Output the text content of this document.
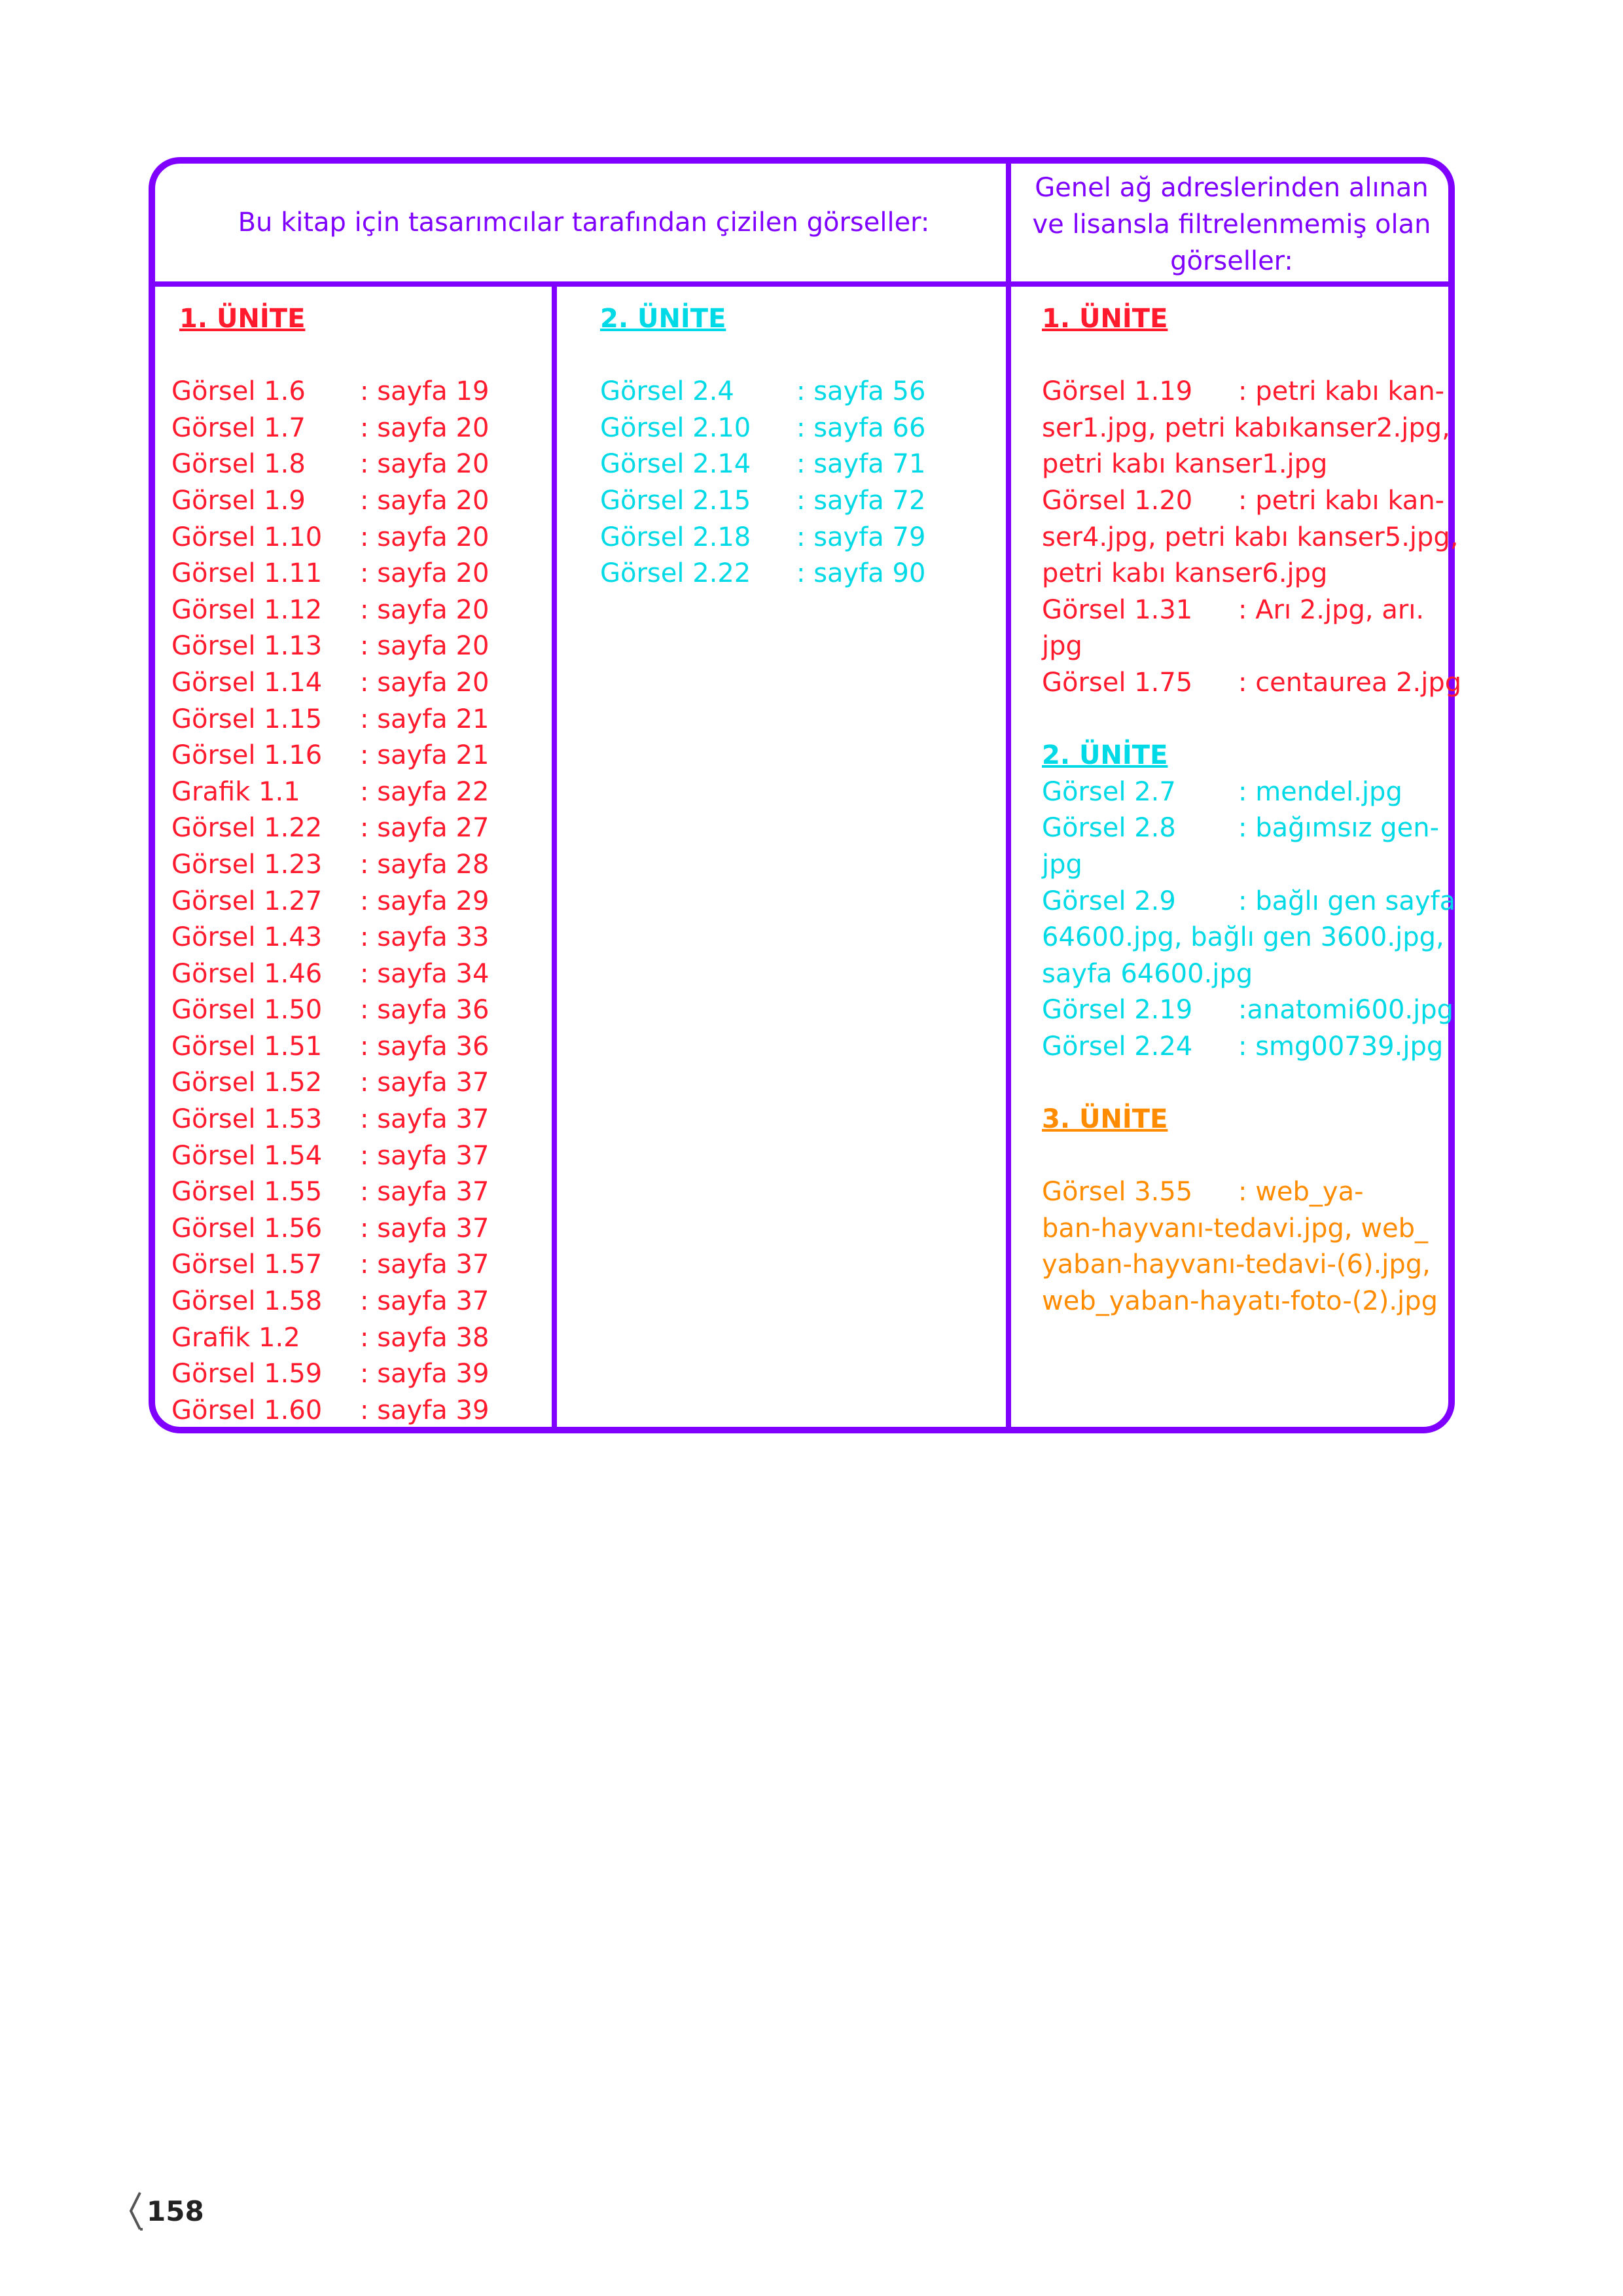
Bu kitap için tasarımcılar tarafından çizilen görseller:
Genel ağ adreslerinden alınan
ve lisansla filtrelenmemiş olan
görseller:
1. ÜNİTE
Görsel 1.6	: sayfa 19
Görsel 1.7	: sayfa 20
Görsel 1.8	: sayfa 20
Görsel 1.9	: sayfa 20
Görsel 1.10	: sayfa 20
Görsel 1.11	: sayfa 20
Görsel 1.12	: sayfa 20
Görsel 1.13	: sayfa 20
Görsel 1.14	: sayfa 20
Görsel 1.15	: sayfa 21
Görsel 1.16	: sayfa 21
Grafik 1.1	: sayfa 22
Görsel 1.22	: sayfa 27
Görsel 1.23	: sayfa 28
Görsel 1.27	: sayfa 29
Görsel 1.43	: sayfa 33
Görsel 1.46	: sayfa 34
Görsel 1.50	: sayfa 36
Görsel 1.51	: sayfa 36
Görsel 1.52	: sayfa 37
Görsel 1.53	: sayfa 37
Görsel 1.54	: sayfa 37
Görsel 1.55	: sayfa 37
Görsel 1.56	: sayfa 37
Görsel 1.57	: sayfa 37
Görsel 1.58	: sayfa 37
Grafik 1.2	: sayfa 38
Görsel 1.59	: sayfa 39
Görsel 1.60	: sayfa 39
2. ÜNİTE
Görsel 2.4	: sayfa 56
Görsel 2.10	: sayfa 66
Görsel 2.14	: sayfa 71
Görsel 2.15	: sayfa 72
Görsel 2.18	: sayfa 79
Görsel 2.22	: sayfa 90
1. ÜNİTE
Görsel 1.19 : petri kabı kan-
ser1.jpg, petri kabıkanser2.jpg,
petri kabı kanser1.jpg
Görsel 1.20 : petri kabı kan-
ser4.jpg, petri kabı kanser5.jpg,
petri kabı kanser6.jpg
Görsel 1.31 : Arı 2.jpg, arı.
jpg
Görsel 1.75 : centaurea 2.jpg
2. ÜNİTE
Görsel 2.7 : mendel.jpg
Görsel 2.8 : bağımsız gen-
jpg
Görsel 2.9 : bağlı gen sayfa
64600.jpg, bağlı gen 3600.jpg,
sayfa 64600.jpg
Görsel 2.19 :anatomi600.jpg
Görsel 2.24 : smg00739.jpg
3. ÜNİTE
Görsel 3.55 : web_ya-
ban-hayvanı-tedavi.jpg, web_
yaban-hayvanı-tedavi-(6).jpg,
web_yaban-hayatı-foto-(2).jpg
158
